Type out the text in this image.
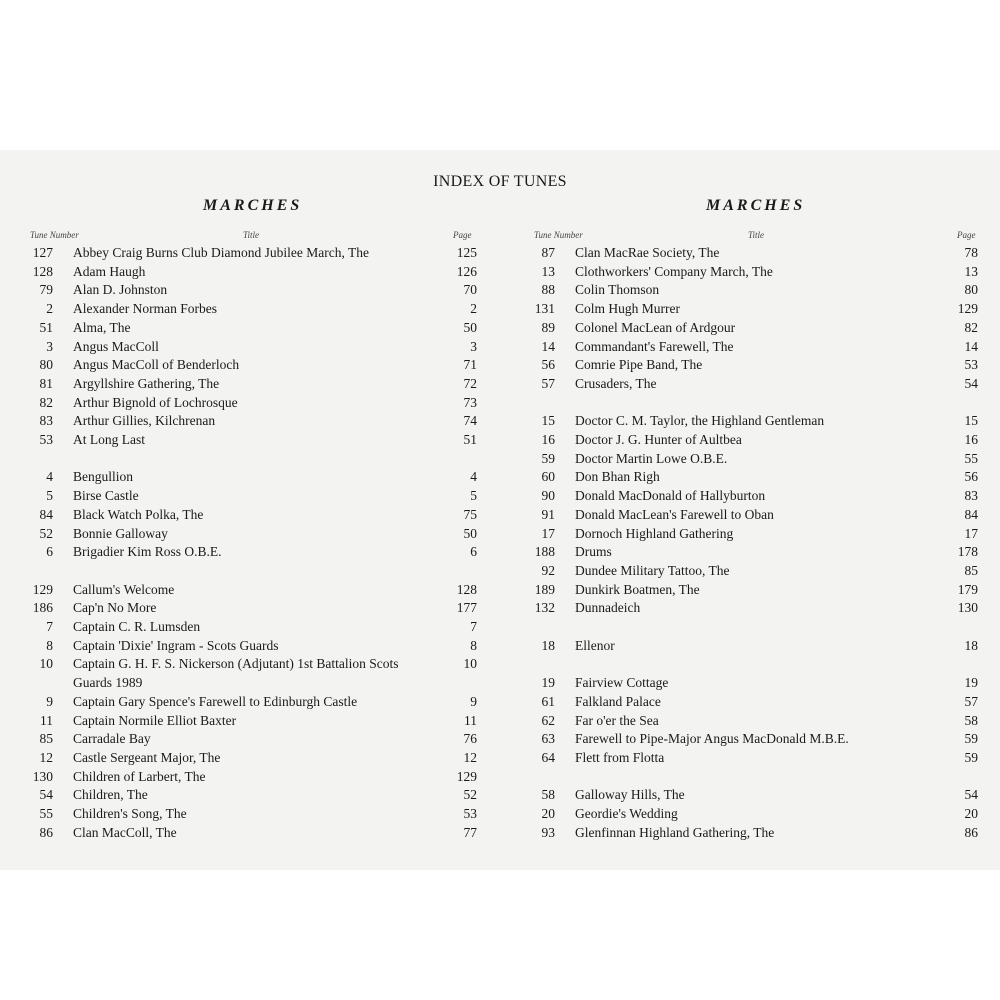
INDEX OF TUNES
MARCHES	MARCHES
Tune Number	Title	Page	Tune Number	Title	Page
127 Abbey Craig Burns Club Diamond Jubilee March, The	125
128 Adam Haugh	126
79 Alan D. Johnston	70
2 Alexander Norman Forbes	2
51 Alma, The	50
3 Angus MacColl	3
80 Angus MacColl of Benderloch	71
81 Argyllshire Gathering, The	72
82 Arthur Bignold of Lochrosque	73
83 Arthur Gillies, Kilchrenan	74
53 At Long Last	51
4 Bengullion	4
5 Birse Castle	5
84 Black Watch Polka, The	75
52 Bonnie Galloway	50
6 Brigadier Kim Ross O.B.E.	6
129 Callum's Welcome	128
186 Cap'n No More	177
7 Captain C. R. Lumsden	7
8 Captain 'Dixie' Ingram - Scots Guards	8
10 Captain G. H. F. S. Nickerson (Adjutant) 1st Battalion Scots	10
Guards 1989
9 Captain Gary Spence's Farewell to Edinburgh Castle	9
11 Captain Normile Elliot Baxter	11
85 Carradale Bay	76
12 Castle Sergeant Major, The	12
130 Children of Larbert, The	129
54 Children, The	52
55 Children's Song, The	53
86 Clan MacColl, The	77
87 Clan MacRae Society, The	78
13 Clothworkers' Company March, The	13
88 Colin Thomson	80
131 Colm Hugh Murrer	129
89 Colonel MacLean of Ardgour	82
14 Commandant's Farewell, The	14
56 Comrie Pipe Band, The	53
57 Crusaders, The	54
15 Doctor C. M. Taylor, the Highland Gentleman	15
16 Doctor J. G. Hunter of Aultbea	16
59 Doctor Martin Lowe O.B.E.	55
60 Don Bhan Righ	56
90 Donald MacDonald of Hallyburton	83
91 Donald MacLean's Farewell to Oban	84
17 Dornoch Highland Gathering	17
188 Drums	178
92 Dundee Military Tattoo, The	85
189 Dunkirk Boatmen, The	179
132 Dunnadeich	130
18 Ellenor	18
19 Fairview Cottage	19
61 Falkland Palace	57
62 Far o'er the Sea	58
63 Farewell to Pipe-Major Angus MacDonald M.B.E.	59
64 Flett from Flotta	59
58 Galloway Hills, The	54
20 Geordie's Wedding	20
93 Glenfinnan Highland Gathering, The	86
